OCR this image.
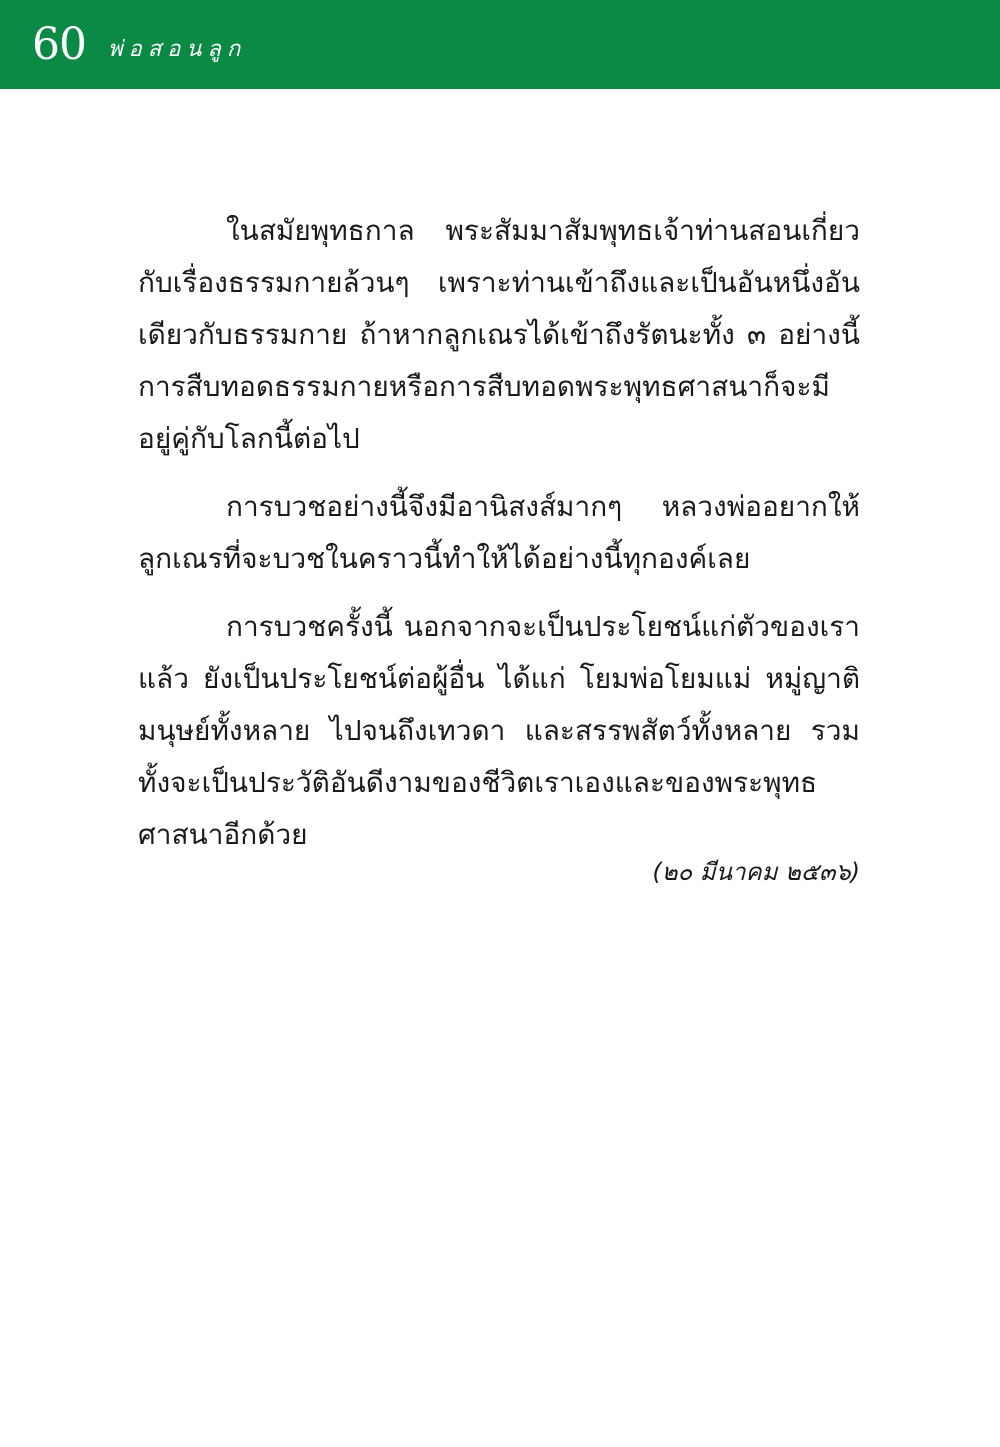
60 พ่อสอนลูก

ในสมัยพุทธกาล พระสัมมาสัมพุทธเจ้าท่านสอนเกี่ยวกับเรื่องธรรมกายล้วนๆ เพราะท่านเข้าถึงและเป็นอันหนึ่งอันเดียวกับธรรมกาย ถ้าหากลูกเณรได้เข้าถึงรัตนะทั้ง ๓ อย่างนี้ การสืบทอดธรรมกายหรือการสืบทอดพระพุทธศาสนาก็จะมีอยู่คู่กับโลกนี้ต่อไป

การบวชอย่างนี้จึงมีอานิสงส์มากๆ หลวงพ่ออยากให้ลูกเณรที่จะบวชในคราวนี้ทำให้ได้อย่างนี้ทุกองค์เลย

การบวชครั้งนี้ นอกจากจะเป็นประโยชน์แก่ตัวของเราแล้ว ยังเป็นประโยชน์ต่อผู้อื่น ได้แก่ โยมพ่อโยมแม่ หมู่ญาติ มนุษย์ทั้งหลาย ไปจนถึงเทวดา และสรรพสัตว์ทั้งหลาย รวมทั้งจะเป็นประวัติอันดีงามของชีวิตเราเองและของพระพุทธศาสนาอีกด้วย

(๒๐ มีนาคม ๒๕๓๖)
